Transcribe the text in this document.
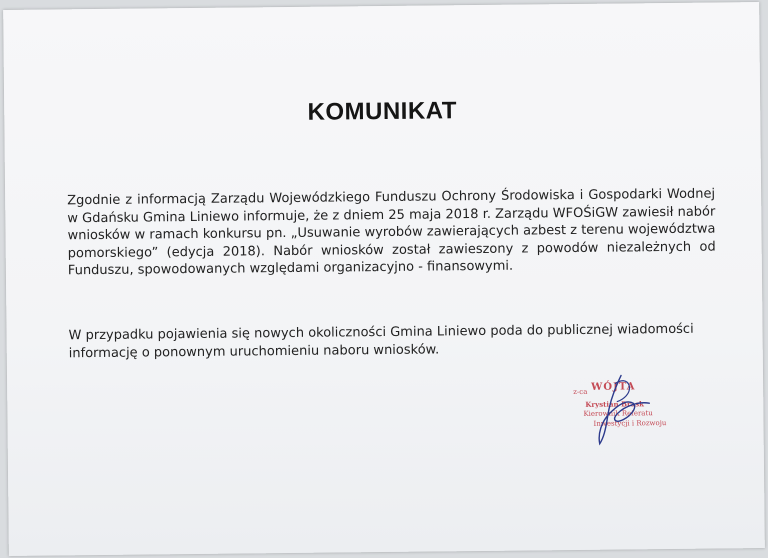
KOMUNIKAT
Zgodnie z informacją Zarządu Wojewódzkiego Funduszu Ochrony Środowiska i Gospodarki Wodnej w Gdańsku Gmina Liniewo informuje, że z dniem 25 maja 2018 r. Zarządu WFOŚiGW zawiesił nabór wniosków w ramach konkursu pn. „Usuwanie wyrobów zawierających azbest z terenu województwa pomorskiego” (edycja 2018). Nabór wniosków został zawieszony z powodów niezależnych od Funduszu, spowodowanych względami organizacyjno - finansowymi.
W przypadku pojawienia się nowych okoliczności Gmina Liniewo poda do publicznej wiadomości informację o ponownym uruchomieniu naboru wniosków.
z-ca WÓJTA
Krystian Brask
Kierownik Referatu
Inwestycji i Rozwoju
